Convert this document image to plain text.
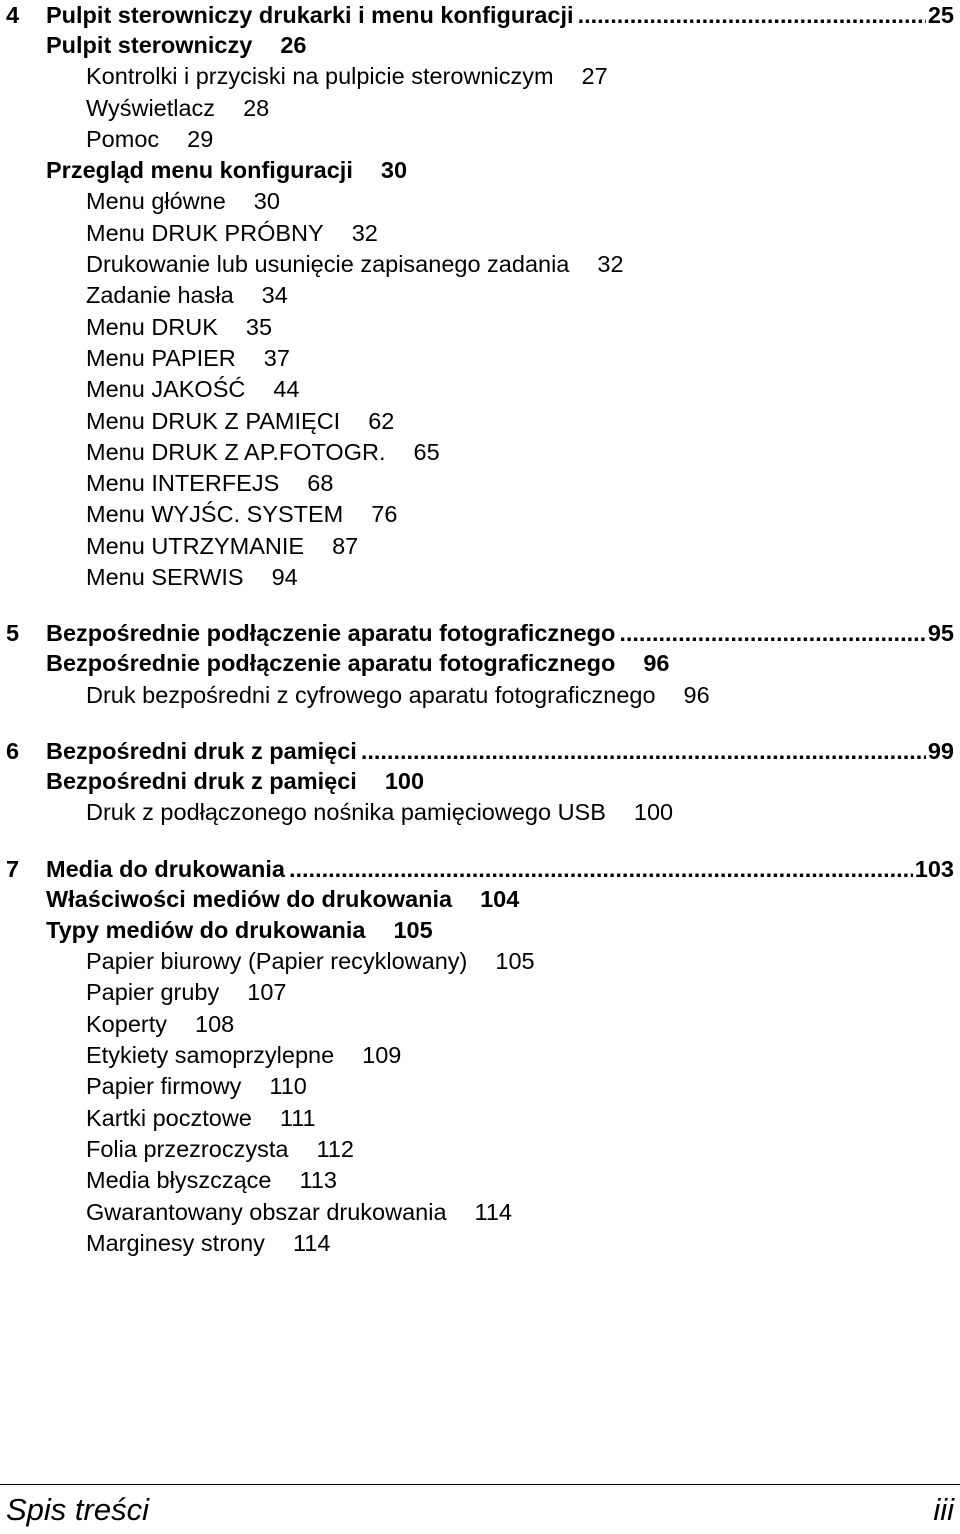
4	Pulpit sterowniczy drukarki i menu konfiguracji .....	25
Pulpit sterowniczy 26
Kontrolki i przyciski na pulpicie sterowniczym 27
Wyświetlacz 28
Pomoc 29
Przegląd menu konfiguracji 30
Menu główne 30
Menu DRUK PRÓBNY 32
Drukowanie lub usunięcie zapisanego zadania 32
Zadanie hasła 34
Menu DRUK 35
Menu PAPIER 37
Menu JAKOŚĆ 44
Menu DRUK Z PAMIĘCI 62
Menu DRUK Z AP.FOTOGR. 65
Menu INTERFEJS 68
Menu WYJŚC. SYSTEM 76
Menu UTRZYMANIE 87
Menu SERWIS 94
5	Bezpośrednie podłączenie aparatu fotograficznego .....	95
Bezpośrednie podłączenie aparatu fotograficznego 96
Druk bezpośredni z cyfrowego aparatu fotograficznego 96
6	Bezpośredni druk z pamięci .....	99
Bezpośredni druk z pamięci 100
Druk z podłączonego nośnika pamięciowego USB 100
7	Media do drukowania .....	103
Właściwości mediów do drukowania 104
Typy mediów do drukowania 105
Papier biurowy (Papier recyklowany) 105
Papier gruby 107
Koperty 108
Etykiety samoprzylepne 109
Papier firmowy 110
Kartki pocztowe 111
Folia przezroczysta 112
Media błyszczące 113
Gwarantowany obszar drukowania 114
Marginesy strony 114
Spis treści	iii
